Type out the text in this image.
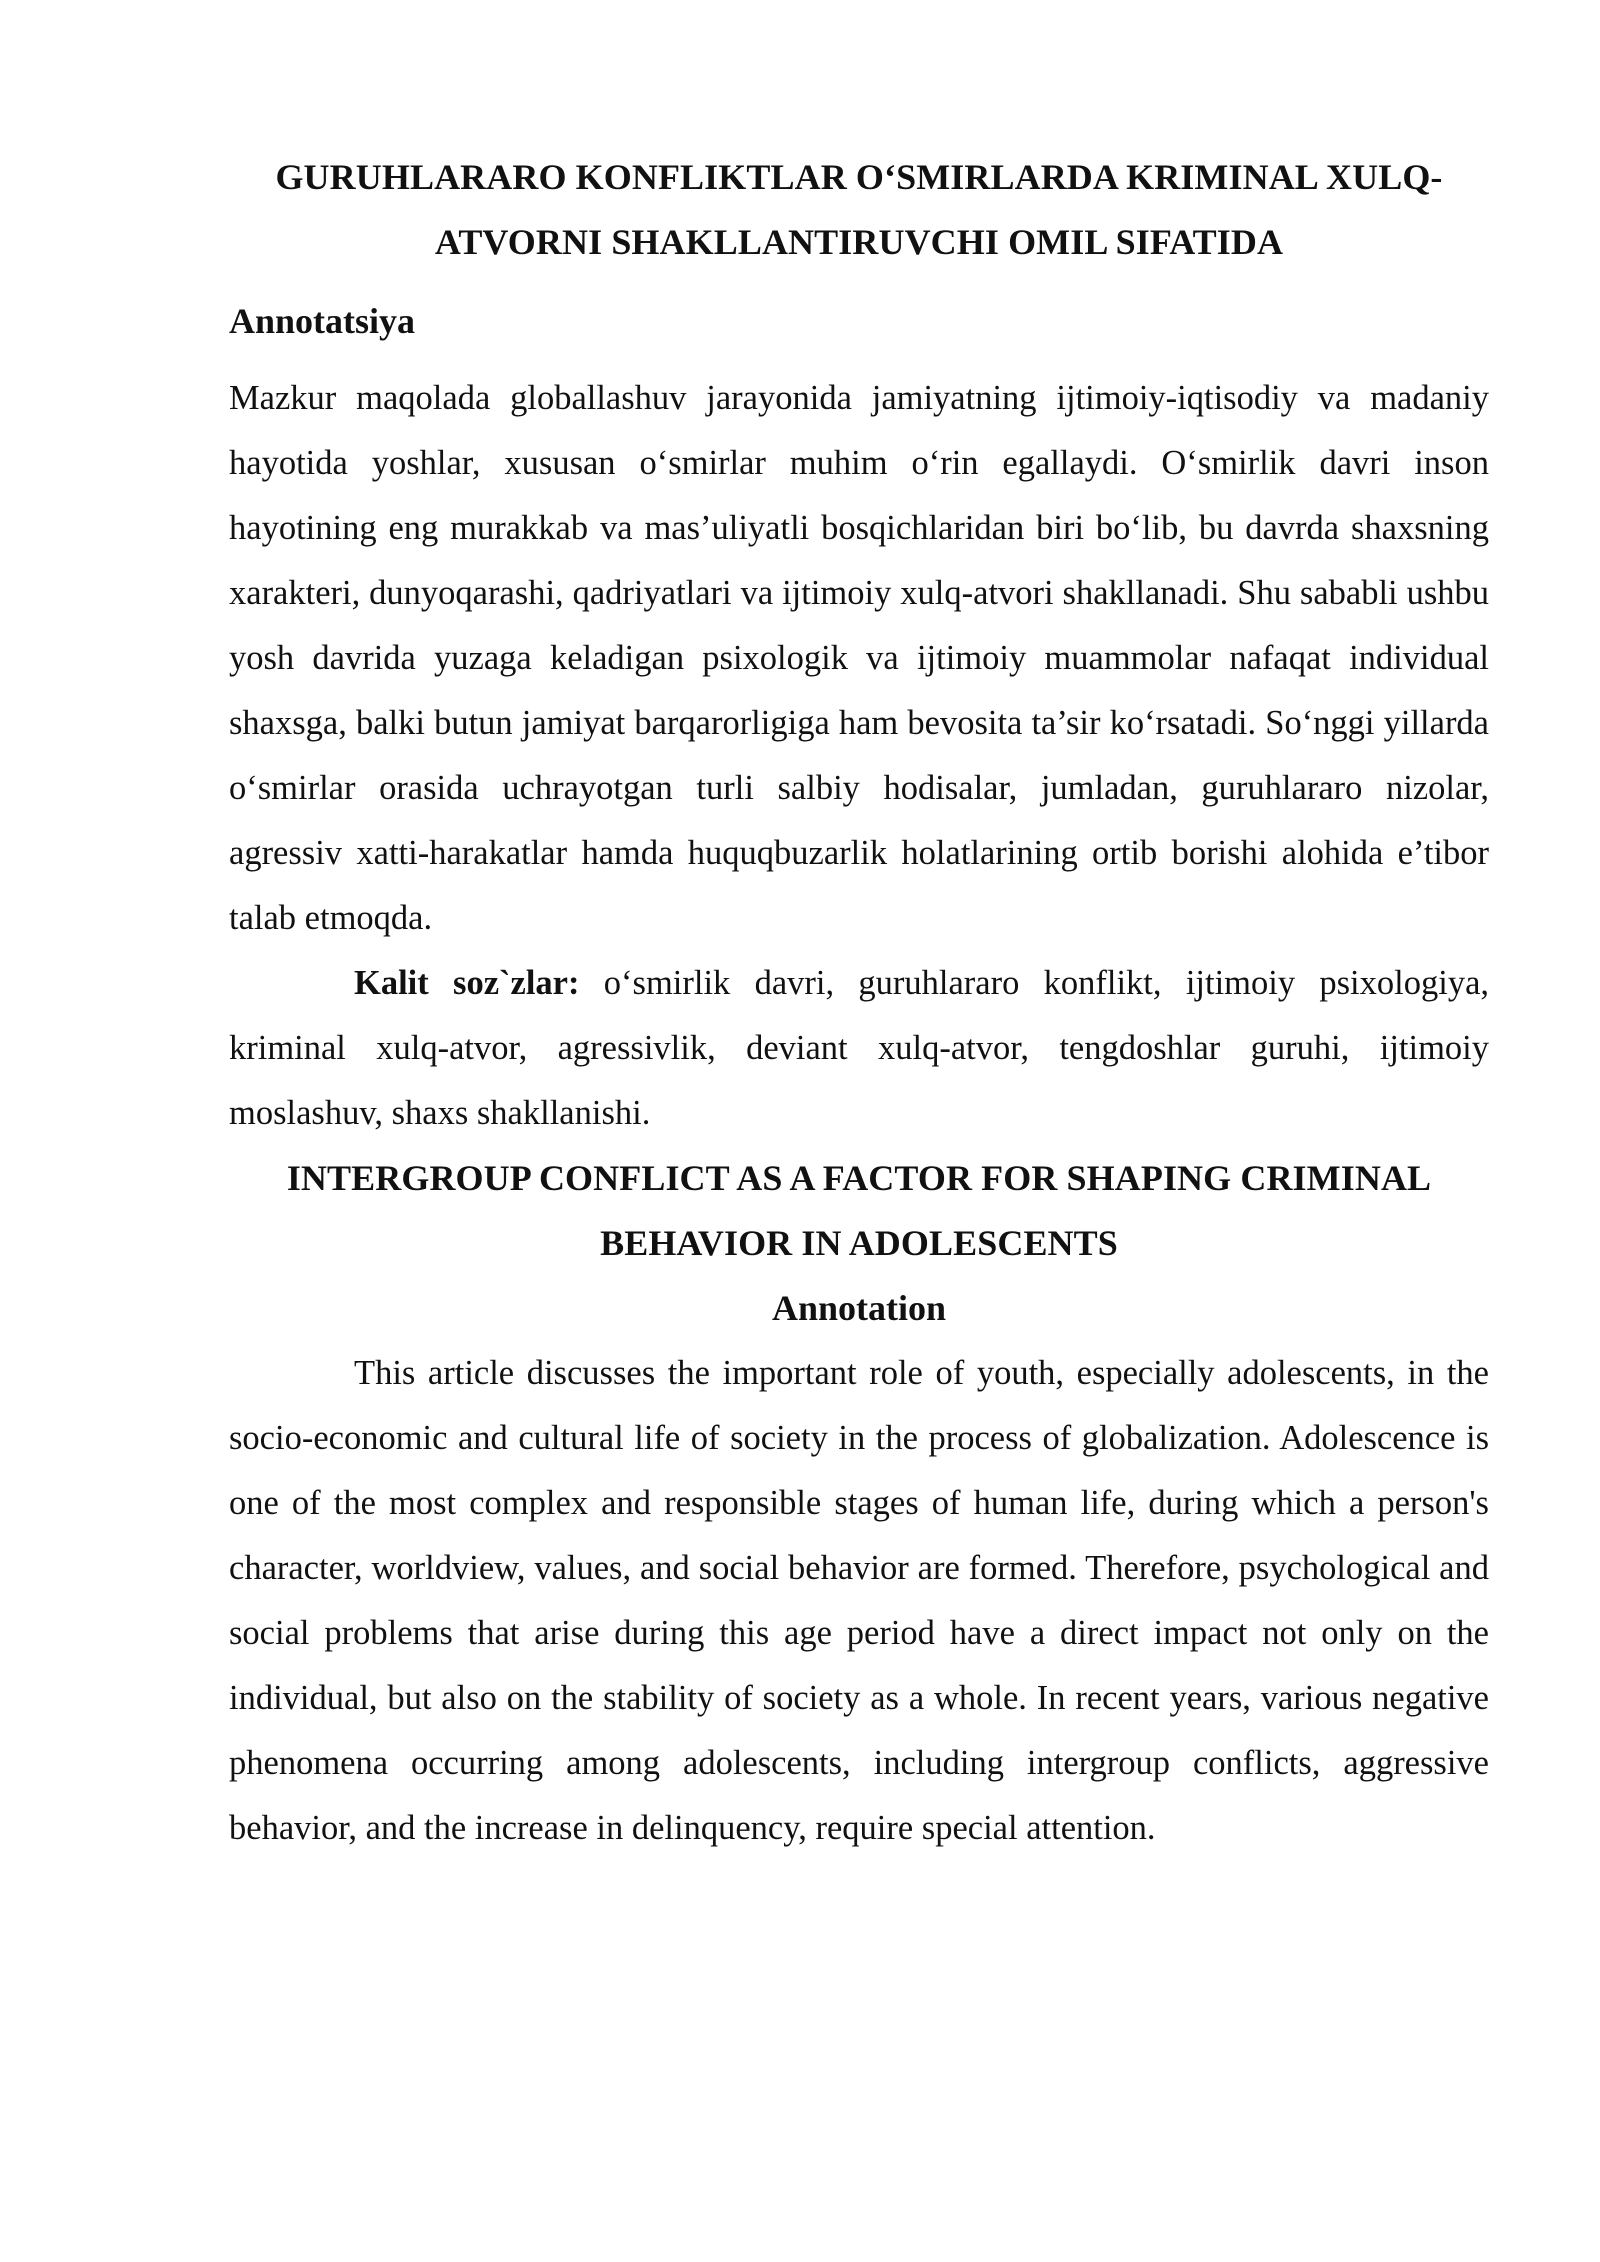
GURUHLARARO KONFLIKTLAR O‘SMIRLARDA KRIMINAL XULQ-ATVORNI SHAKLLANTIRUVCHI OMIL SIFATIDA
Annotatsiya

Mazkur maqolada globallashuv jarayonida jamiyatning ijtimoiy-iqtisodiy va madaniy hayotida yoshlar, xususan o‘smirlar muhim o‘rin egallaydi. O‘smirlik davri inson hayotining eng murakkab va mas’uliyatli bosqichlaridan biri bo‘lib, bu davrda shaxsning xarakteri, dunyoqarashi, qadriyatlari va ijtimoiy xulq-atvori shakllanadi. Shu sababli ushbu yosh davrida yuzaga keladigan psixologik va ijtimoiy muammolar nafaqat individual shaxsga, balki butun jamiyat barqarorligiga ham bevosita ta’sir ko‘rsatadi. So‘nggi yillarda o‘smirlar orasida uchrayotgan turli salbiy hodisalar, jumladan, guruhlararo nizolar, agressiv xatti-harakatlar hamda huquqbuzarlik holatlarining ortib borishi alohida e’tibor talab etmoqda.

Kalit soz`zlar: o‘smirlik davri, guruhlararo konflikt, ijtimoiy psixologiya, kriminal xulq-atvor, agressivlik, deviant xulq-atvor, tengdoshlar guruhi, ijtimoiy moslashuv, shaxs shakllanishi.

INTERGROUP CONFLICT AS A FACTOR FOR SHAPING CRIMINAL BEHAVIOR IN ADOLESCENTS
Annotation

This article discusses the important role of youth, especially adolescents, in the socio-economic and cultural life of society in the process of globalization. Adolescence is one of the most complex and responsible stages of human life, during which a person's character, worldview, values, and social behavior are formed. Therefore, psychological and social problems that arise during this age period have a direct impact not only on the individual, but also on the stability of society as a whole. In recent years, various negative phenomena occurring among adolescents, including intergroup conflicts, aggressive behavior, and the increase in delinquency, require special attention.
